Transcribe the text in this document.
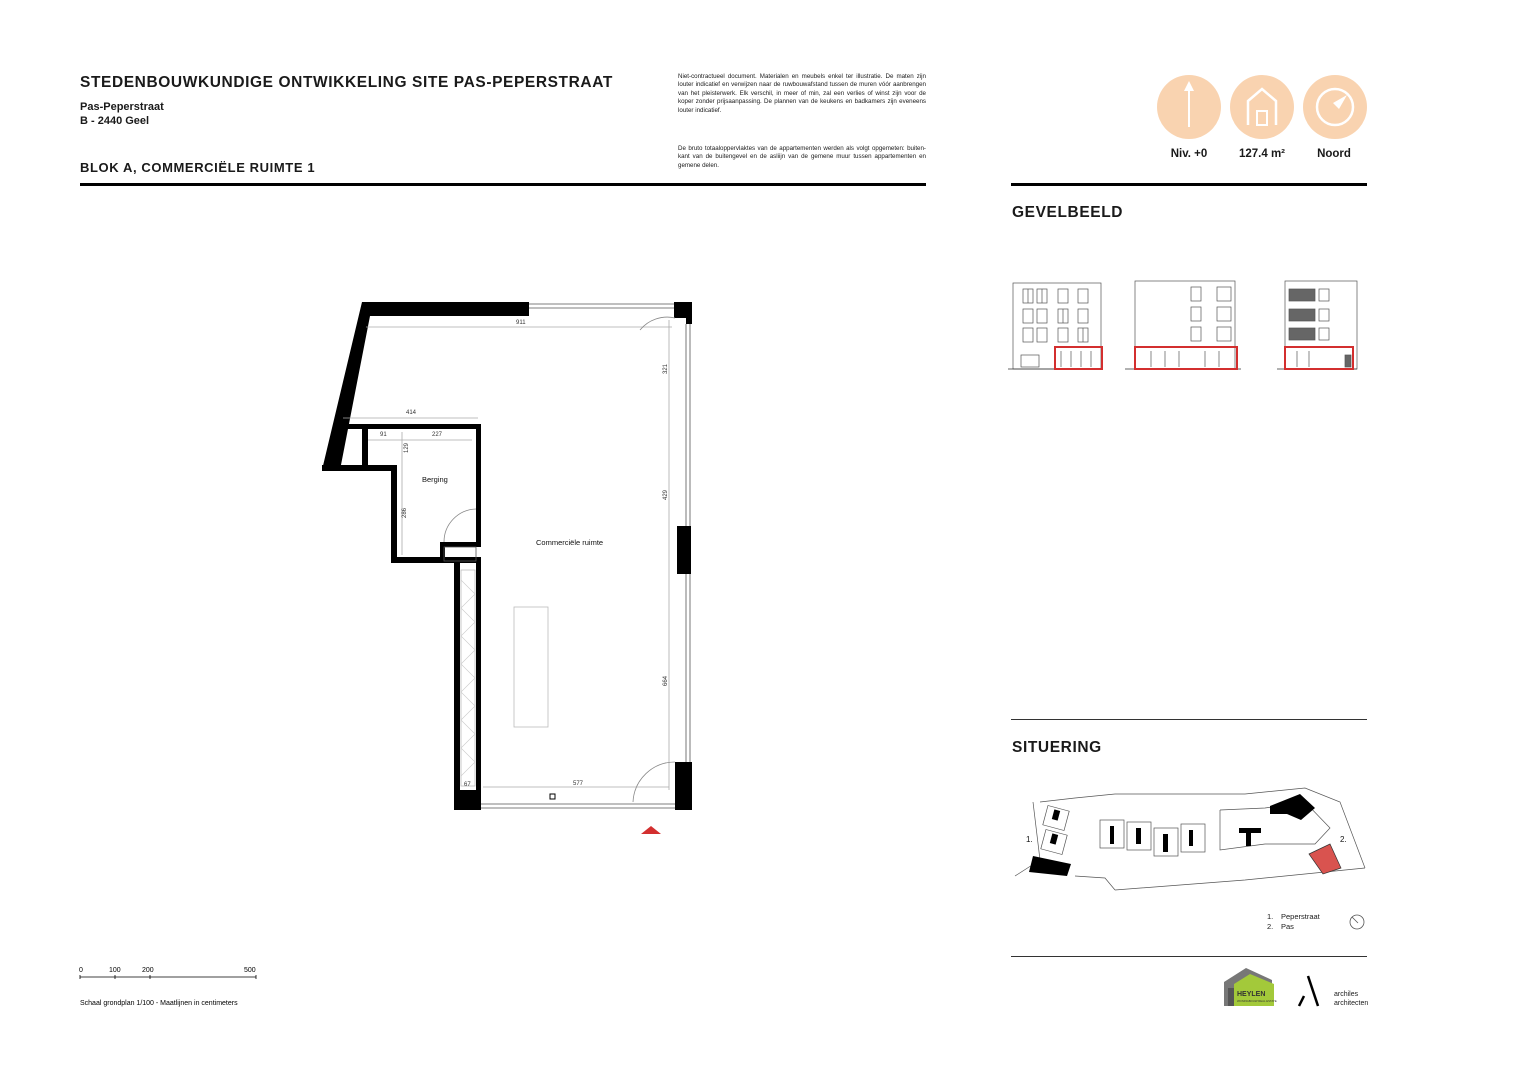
STEDENBOUWKUNDIGE ONTWIKKELING SITE PAS-PEPERSTRAAT
Pas-Peperstraat
B - 2440 Geel
BLOK A, COMMERCIËLE RUIMTE 1
Niet-contractueel document. Materialen en meubels enkel ter illustratie. De maten zijn louter indicatief en verwijzen naar de ruwbouwafstand tussen de muren vóór aanbrengen van het pleisterwerk. Elk verschil, in meer of min, zal een verlies of winst zijn voor de koper zonder prijsaanpassing. De plannen van de keukens en badkamers zijn eveneens louter indicatief.
De bruto totaaloppervlaktes van de appartementen werden als volgt opgemeten: buiten- kant van de buitengevel en de asliijn van de gemene muur tussen appartementen en gemene delen.
Niv. +0	127.4 m²	Noord
911
414
91	227
67	577
321
429
664
129
286
Berging
Commerciële ruimte
0	100	200	500
Schaal grondplan 1/100 - Maatlijnen in centimeters
GEVELBEELD
SITUERING
1.	2.
1. Peperstraat
2. Pas
HEYLEN
WONINGBOUW REAL ESTATE
archiles
architecten
